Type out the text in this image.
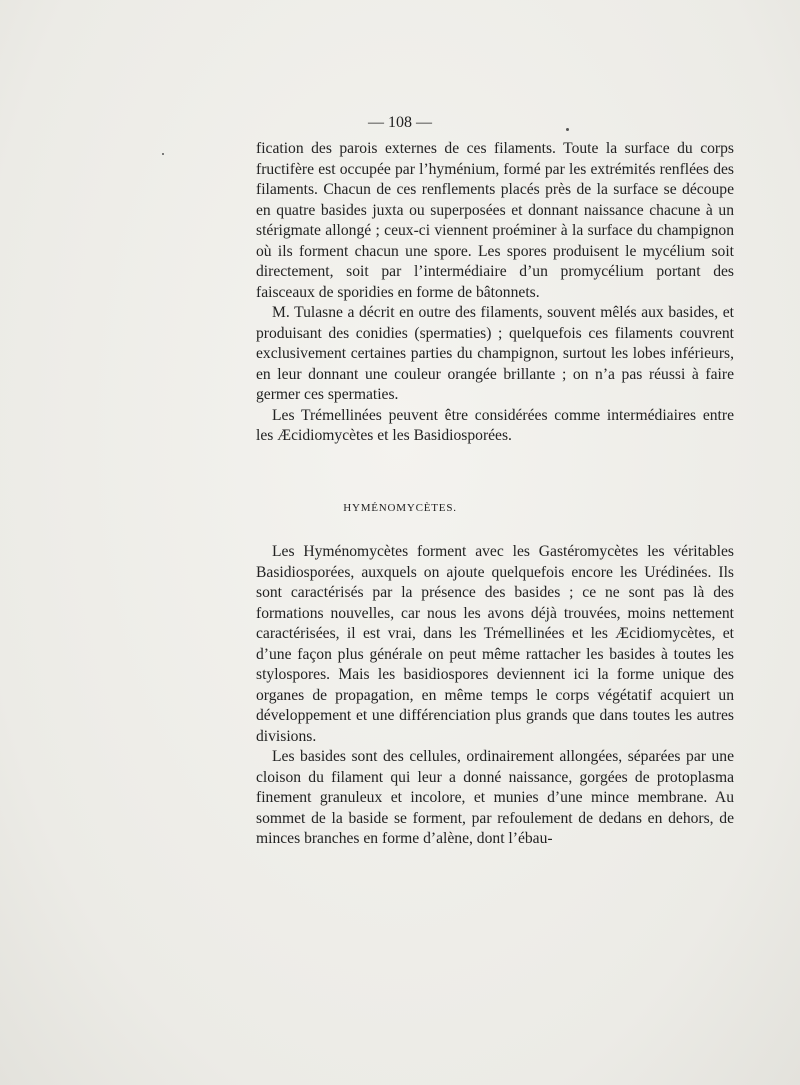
— 108 —

fication des parois externes de ces filaments. Toute la surface du corps fructifère est occupée par l’hyménium, formé par les extrémités renflées des filaments. Chacun de ces renflements placés près de la surface se découpe en quatre basides juxta ou superposées et donnant naissance chacune à un stérigmate allongé ; ceux-ci viennent proéminer à la surface du champignon où ils forment chacun une spore. Les spores produisent le mycélium soit directement, soit par l’intermédiaire d’un promycélium portant des faisceaux de sporidies en forme de bâtonnets.

M. Tulasne a décrit en outre des filaments, souvent mêlés aux basides, et produisant des conidies (spermaties) ; quelquefois ces filaments couvrent exclusivement certaines parties du champignon, surtout les lobes inférieurs, en leur donnant une couleur orangée brillante ; on n’a pas réussi à faire germer ces spermaties.

Les Trémellinées peuvent être considérées comme intermédiaires entre les Æcidiomycètes et les Basidiosporées.

HYMÉNOMYCÈTES.

Les Hyménomycètes forment avec les Gastéromycètes les véritables Basidiosporées, auxquels on ajoute quelquefois encore les Urédinées. Ils sont caractérisés par la présence des basides ; ce ne sont pas là des formations nouvelles, car nous les avons déjà trouvées, moins nettement caractérisées, il est vrai, dans les Trémellinées et les Æcidiomycètes, et d’une façon plus générale on peut même rattacher les basides à toutes les stylospores. Mais les basidiospores deviennent ici la forme unique des organes de propagation, en même temps le corps végétatif acquiert un développement et une différenciation plus grands que dans toutes les autres divisions.

Les basides sont des cellules, ordinairement allongées, séparées par une cloison du filament qui leur a donné naissance, gorgées de protoplasma finement granuleux et incolore, et munies d’une mince membrane. Au sommet de la baside se forment, par refoulement de dedans en dehors, de minces branches en forme d’alène, dont l’ébau-
